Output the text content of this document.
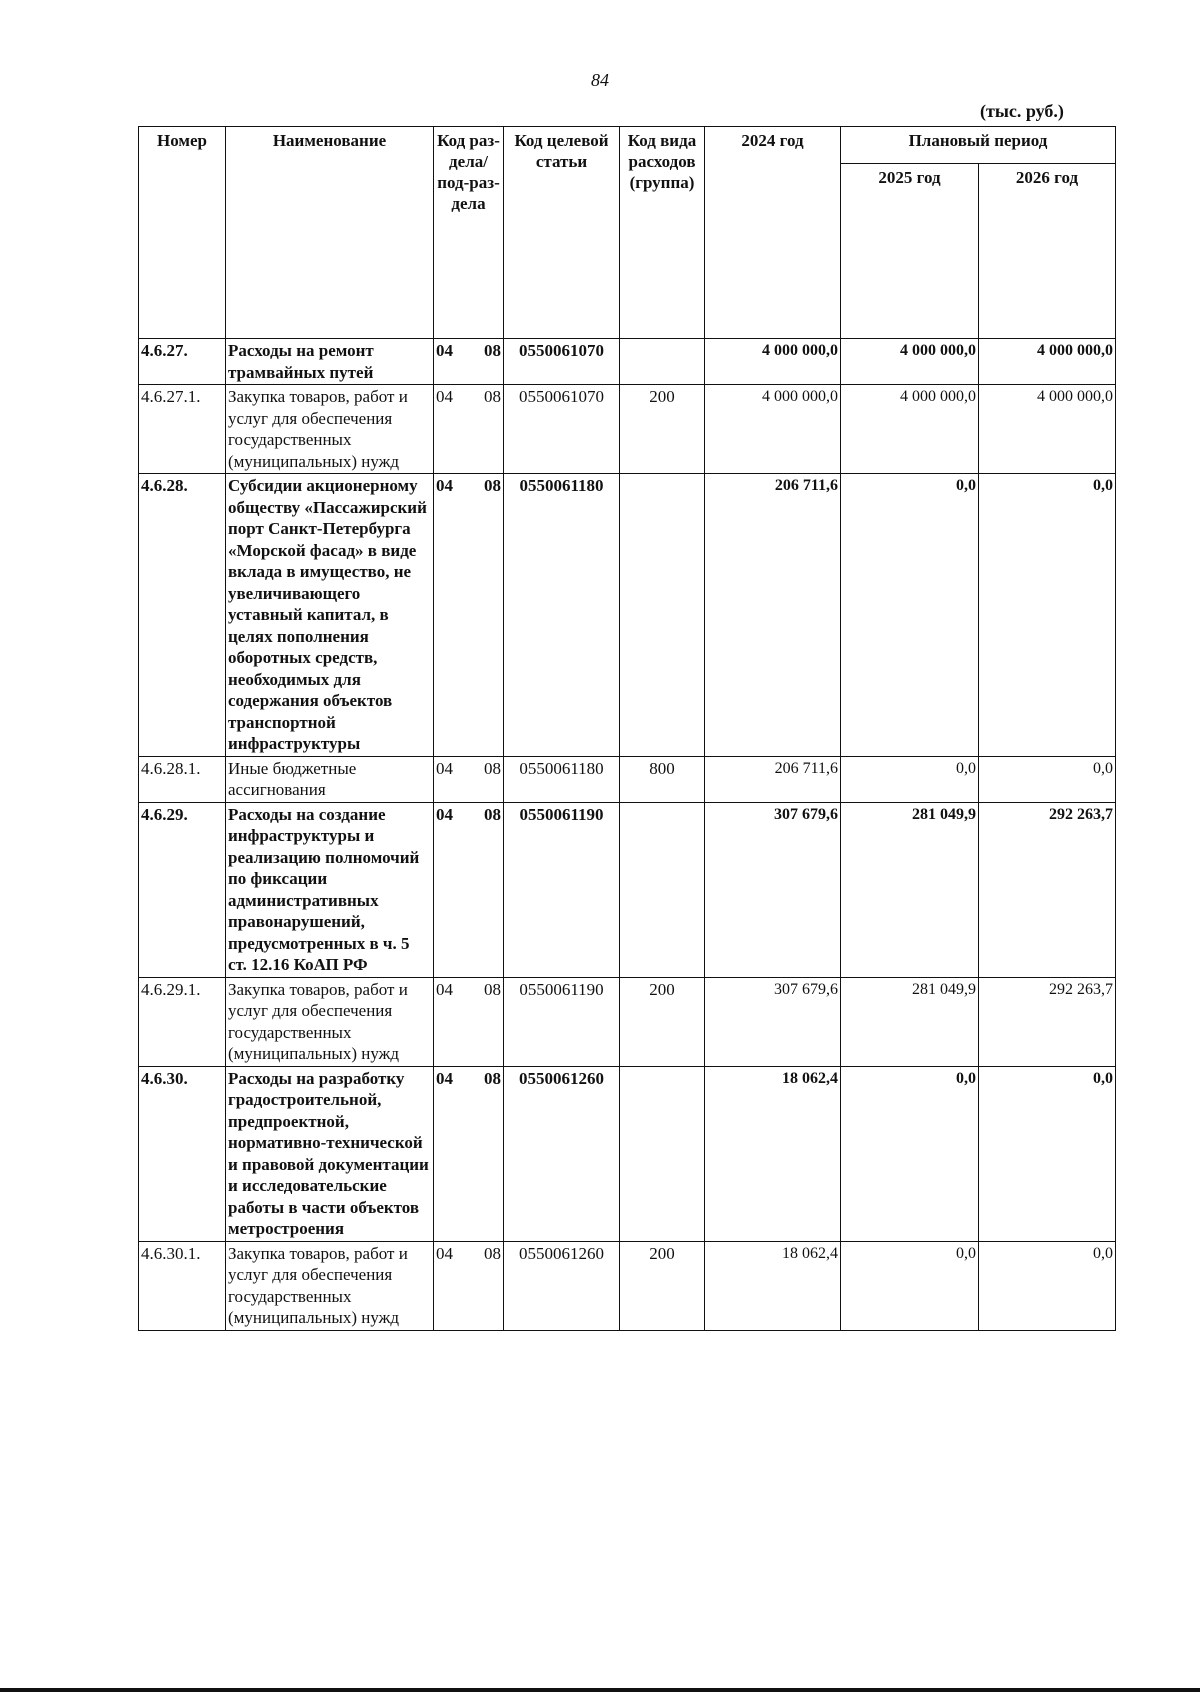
84
(тыс. руб.)
Номер	Наименование	Код раз-дела/ под-раз-дела	Код целевой статьи	Код вида расходов (группа)	2024 год	Плановый период	
						2025 год	2026 год
4.6.27.	Расходы на ремонт трамвайных путей	04 08	0550061070		4 000 000,0	4 000 000,0	4 000 000,0
4.6.27.1.	Закупка товаров, работ и услуг для обеспечения государственных (муниципальных) нужд	04 08	0550061070	200	4 000 000,0	4 000 000,0	4 000 000,0
4.6.28.	Субсидии акционерному обществу «Пассажирский порт Санкт-Петербурга «Морской фасад» в виде вклада в имущество, не увеличивающего уставный капитал, в целях пополнения оборотных средств, необходимых для содержания объектов транспортной инфраструктуры	04 08	0550061180		206 711,6	0,0	0,0
4.6.28.1.	Иные бюджетные ассигнования	04 08	0550061180	800	206 711,6	0,0	0,0
4.6.29.	Расходы на создание инфраструктуры и реализацию полномочий по фиксации административных правонарушений, предусмотренных в ч. 5 ст. 12.16 КоАП РФ	04 08	0550061190		307 679,6	281 049,9	292 263,7
4.6.29.1.	Закупка товаров, работ и услуг для обеспечения государственных (муниципальных) нужд	04 08	0550061190	200	307 679,6	281 049,9	292 263,7
4.6.30.	Расходы на разработку градостроительной, предпроектной, нормативно-технической и правовой документации и исследовательские работы в части объектов метростроения	04 08	0550061260		18 062,4	0,0	0,0
4.6.30.1.	Закупка товаров, работ и услуг для обеспечения государственных (муниципальных) нужд	04 08	0550061260	200	18 062,4	0,0	0,0
